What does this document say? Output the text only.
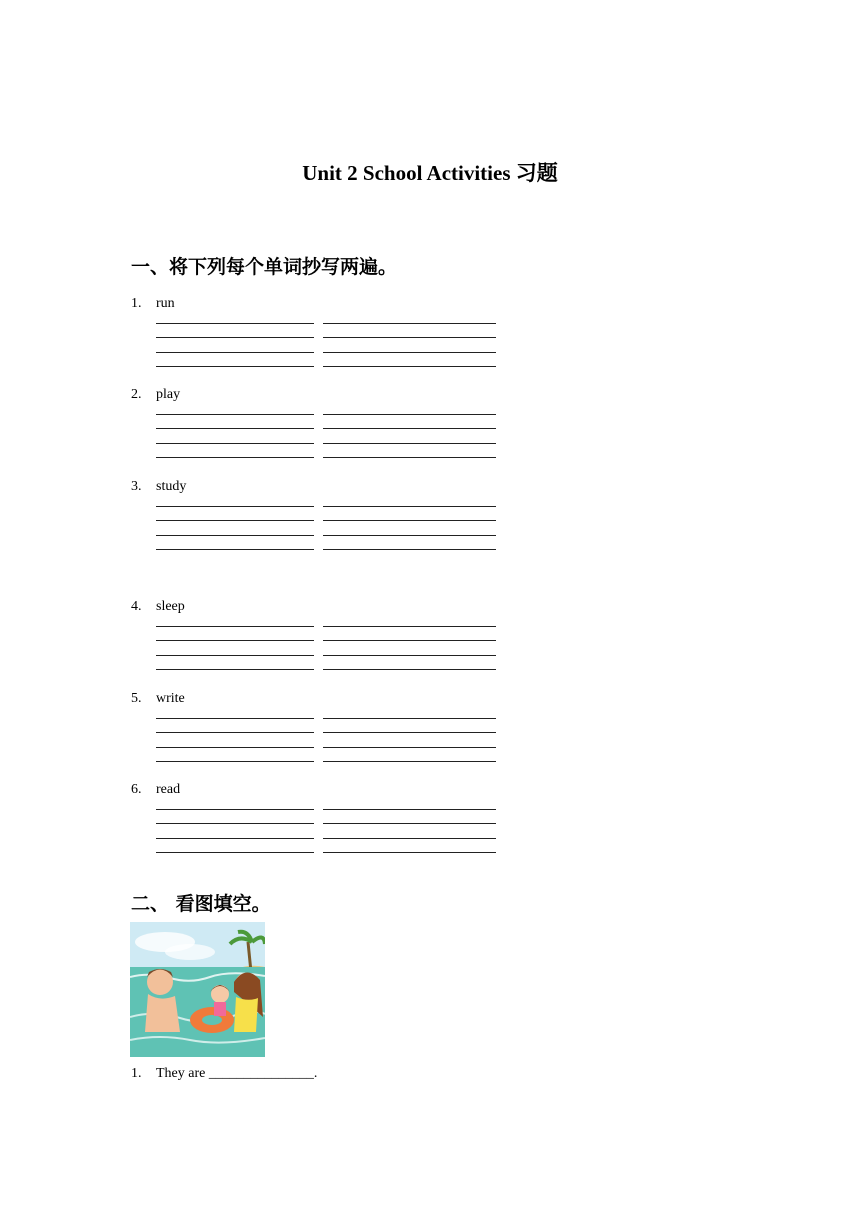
Unit 2 School Activities 习题
一、将下列每个单词抄写两遍。
1. run
2. play
3. study
4. sleep
5. write
6. read
二、 看图填空。
1. They are _______________.
